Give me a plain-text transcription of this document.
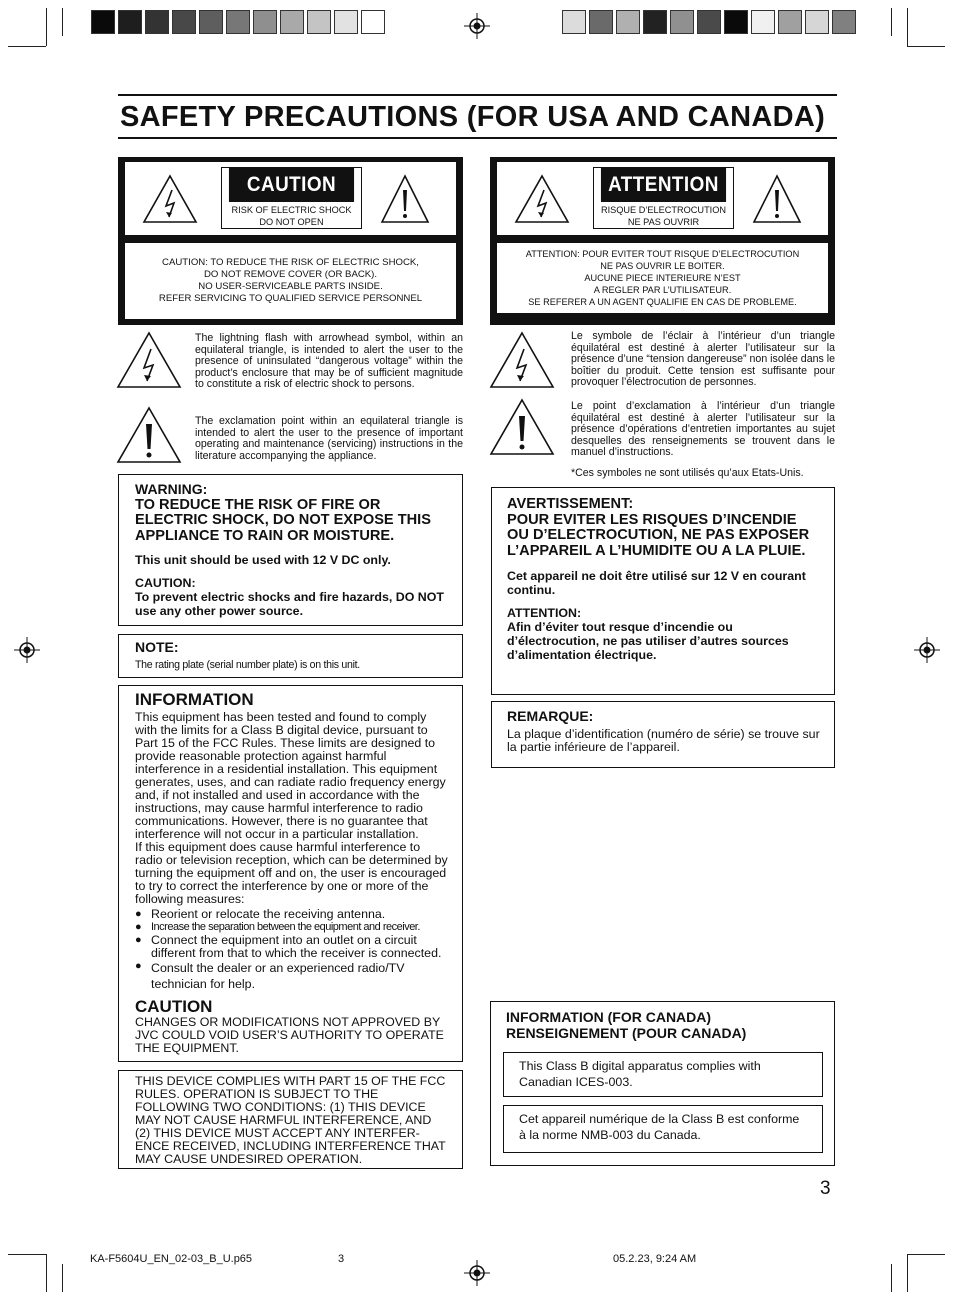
SAFETY PRECAUTIONS (FOR USA AND CANADA)
CAUTION
RISK OF ELECTRIC SHOCK
DO NOT OPEN
CAUTION: TO REDUCE THE RISK OF ELECTRIC SHOCK,
DO NOT REMOVE COVER (OR BACK).
NO USER-SERVICEABLE PARTS INSIDE.
REFER SERVICING TO QUALIFIED SERVICE PERSONNEL
ATTENTION
RISQUE D’ELECTROCUTION
NE PAS OUVRIR
ATTENTION: POUR EVITER TOUT RISQUE D’ELECTROCUTION
NE PAS OUVRIR LE BOITER.
AUCUNE PIECE INTERIEURE N’EST
A REGLER PAR L’UTILISATEUR.
SE REFERER A UN AGENT QUALIFIE EN CAS DE PROBLEME.
The lightning flash with arrowhead symbol, within an equilateral triangle, is intended to alert the user to the presence of uninsulated “dangerous voltage” within the product’s enclosure that may be of sufficient magnitude to constitute a risk of electric shock to persons.
The exclamation point within an equilateral triangle is intended to alert the user to the presence of important operating and maintenance (servicing) instructions in the literature accompanying the appliance.
Le symbole de l’éclair à l’intérieur d’un triangle équilatéral est destiné à alerter l’utilisateur sur la présence d’une “tension dangereuse” non isolée dans le boîtier du produit. Cette tension est suffisante pour provoquer l’électrocution de personnes.
Le point d’exclamation à l’intérieur d’un triangle équilatéral est destiné à alerter l’utilisateur sur la présence d’opérations d’entretien importantes au sujet desquelles des renseignements se trouvent dans le manuel d’instructions.
*Ces symboles ne sont utilisés qu’aux Etats-Unis.
WARNING:
TO REDUCE THE RISK OF FIRE OR ELECTRIC SHOCK, DO NOT EXPOSE THIS APPLIANCE TO RAIN OR MOISTURE.
This unit should be used with 12 V DC only.
CAUTION:
To prevent electric shocks and fire hazards, DO NOT use any other power source.
NOTE:
The rating plate (serial number plate) is on this unit.
INFORMATION
This equipment has been tested and found to comply with the limits for a Class B digital device, pursuant to Part 15 of the FCC Rules. These limits are designed to provide reasonable protection against harmful interference in a residential installation. This equipment generates, uses, and can radiate radio frequency energy and, if not installed and used in accordance with the instructions, may cause harmful interference to radio communications. However, there is no guarantee that interference will not occur in a particular installation.
If this equipment does cause harmful interference to radio or television reception, which can be determined by turning the equipment off and on, the user is encouraged to try to correct the interference by one or more of the following measures:
● Reorient or relocate the receiving antenna.
● Increase the separation between the equipment and receiver.
● Connect the equipment into an outlet on a circuit different from that to which the receiver is connected.
● Consult the dealer or an experienced radio/TV technician for help.
CAUTION
CHANGES OR MODIFICATIONS NOT APPROVED BY JVC COULD VOID USER’S AUTHORITY TO OPERATE THE EQUIPMENT.
THIS DEVICE COMPLIES WITH PART 15 OF THE FCC RULES. OPERATION IS SUBJECT TO THE FOLLOWING TWO CONDITIONS: (1) THIS DEVICE MAY NOT CAUSE HARMFUL INTERFERENCE, AND (2) THIS DEVICE MUST ACCEPT ANY INTERFER-ENCE RECEIVED, INCLUDING INTERFERENCE THAT MAY CAUSE UNDESIRED OPERATION.
AVERTISSEMENT:
POUR EVITER LES RISQUES D’INCENDIE OU D’ELECTROCUTION, NE PAS EXPOSER L’APPAREIL A L’HUMIDITE OU A LA PLUIE.
Cet appareil ne doit être utilisé sur 12 V en courant continu.
ATTENTION:
Afin d’éviter tout resque d’incendie ou d’électrocution, ne pas utiliser d’autres sources d’alimentation électrique.
REMARQUE:
La plaque d’identification (numéro de série) se trouve sur la partie inférieure de l’appareil.
INFORMATION (FOR CANADA)
RENSEIGNEMENT (POUR CANADA)
This Class B digital apparatus complies with Canadian ICES-003.
Cet appareil numérique de la Class B est conforme à la norme NMB-003 du Canada.
3
KA-F5604U_EN_02-03_B_U.p65	3	05.2.23, 9:24 AM
